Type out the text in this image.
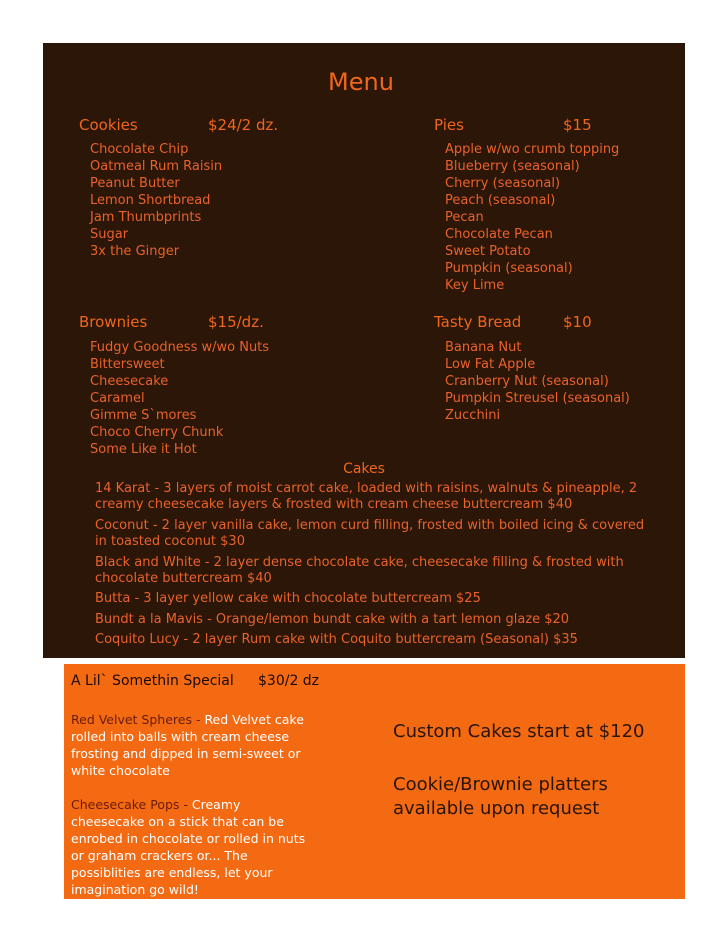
Menu
Cookies	$24/2 dz.
Chocolate Chip
Oatmeal Rum Raisin
Peanut Butter
Lemon Shortbread
Jam Thumbprints
Sugar
3x the Ginger
Pies	$15
Apple w/wo crumb topping
Blueberry (seasonal)
Cherry (seasonal)
Peach (seasonal)
Pecan
Chocolate Pecan
Sweet Potato
Pumpkin (seasonal)
Key Lime
Brownies	$15/dz.
Fudgy Goodness w/wo Nuts
Bittersweet
Cheesecake
Caramel
Gimme S`mores
Choco Cherry Chunk
Some Like it Hot
Tasty Bread	$10
Banana Nut
Low Fat Apple
Cranberry Nut (seasonal)
Pumpkin Streusel (seasonal)
Zucchini
Cakes
14 Karat - 3 layers of moist carrot cake, loaded with raisins, walnuts & pineapple, 2 creamy cheesecake layers & frosted with cream cheese buttercream $40
Coconut - 2 layer vanilla cake, lemon curd filling, frosted with boiled icing & covered in toasted coconut $30
Black and White - 2 layer dense chocolate cake, cheesecake filling & frosted with chocolate buttercream $40
Butta - 3 layer yellow cake with chocolate buttercream $25
Bundt a la Mavis - Orange/lemon bundt cake with a tart lemon glaze $20
Coquito Lucy - 2 layer Rum cake with Coquito buttercream (Seasonal) $35
A Lil` Somethin Special $30/2 dz
Red Velvet Spheres - Red Velvet cake rolled into balls with cream cheese frosting and dipped in semi-sweet or white chocolate
Cheesecake Pops - Creamy cheesecake on a stick that can be enrobed in chocolate or rolled in nuts or graham crackers or... The possiblities are endless, let your imagination go wild!
Custom Cakes start at $120
Cookie/Brownie platters
available upon request
